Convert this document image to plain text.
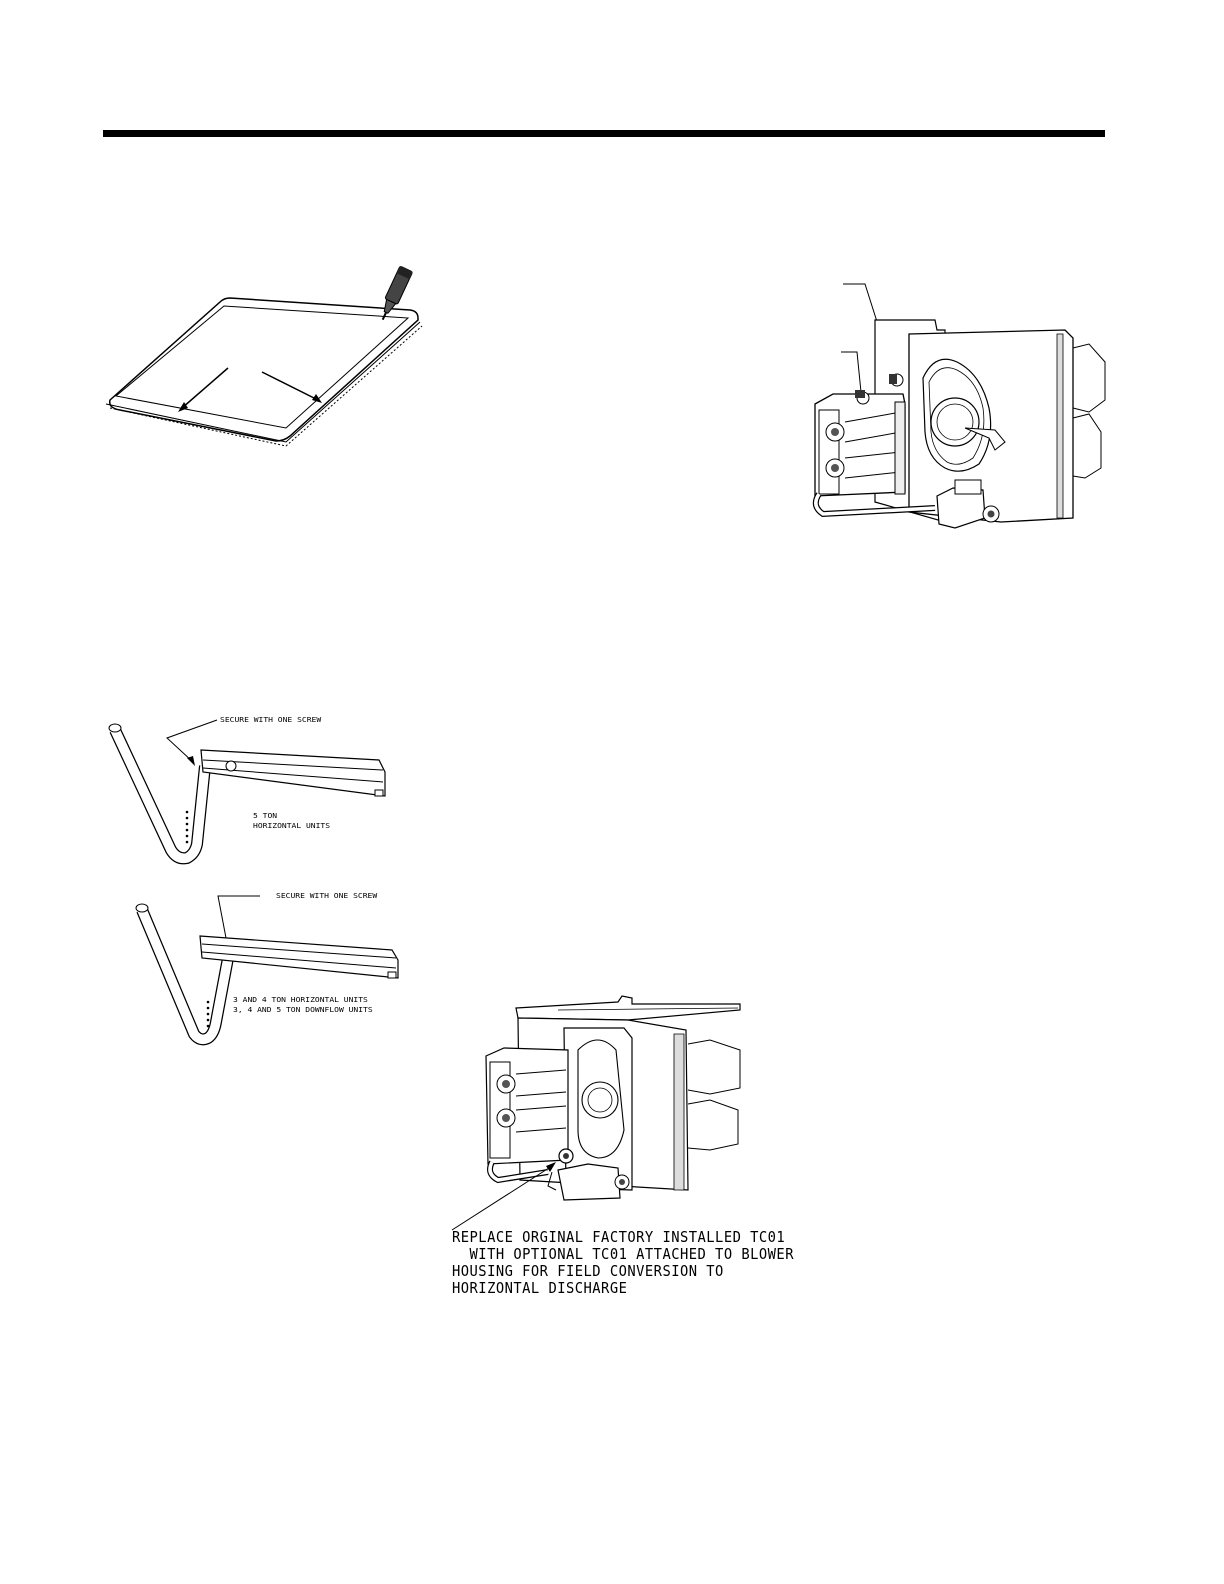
SECURE WITH ONE SCREW
5 TON
HORIZONTAL UNITS
SECURE WITH ONE SCREW
3 AND 4 TON HORIZONTAL UNITS
3, 4 AND 5 TON DOWNFLOW UNITS
REPLACE ORGINAL FACTORY INSTALLED TC01
WITH OPTIONAL TC01 ATTACHED TO BLOWER
HOUSING FOR FIELD CONVERSION TO
HORIZONTAL DISCHARGE
